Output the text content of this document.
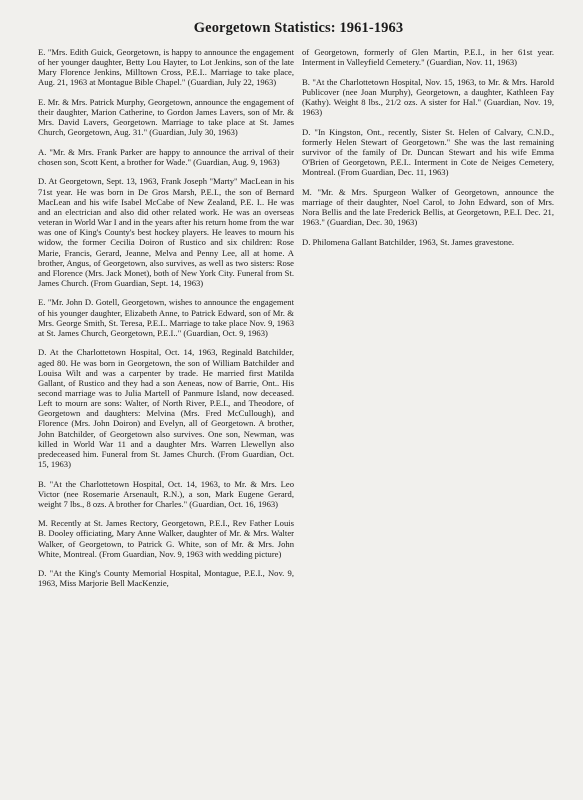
Georgetown Statistics: 1961-1963

E. "Mrs. Edith Guick, Georgetown, is happy to announce the engagement of her younger daughter, Betty Lou Hayter, to Lot Jenkins, son of the late Mary Florence Jenkins, Milltown Cross, P.E.I.. Marriage to take place, Aug. 21, 1963 at Montague Bible Chapel." (Guardian, July 22, 1963)

E. Mr. & Mrs. Patrick Murphy, Georgetown, announce the engagement of their daughter, Marion Catherine, to Gordon James Lavers, son of Mr. & Mrs. David Lavers, Georgetown. Marriage to take place at St. James Church, Georgetown, Aug. 31." (Guardian, July 30, 1963)

A. "Mr. & Mrs. Frank Parker are happy to announce the arrival of their chosen son, Scott Kent, a brother for Wade." (Guardian, Aug. 9, 1963)

D. At Georgetown, Sept. 13, 1963, Frank Joseph "Marty" MacLean in his 71st year. He was born in De Gros Marsh, P.E.I., the son of Bernard MacLean and his wife Isabel McCabe of New Zealand, P.E. I.. He was and an electrician and also did other related work. He was an overseas veteran in World War I and in the years after his return home from the war was one of King's County's best hockey players. He leaves to mourn his widow, the former Cecilia Doiron of Rustico and six children: Rose Marie, Francis, Gerard, Jeanne, Melva and Penny Lee, all at home. A brother, Angus, of Georgetown, also survives, as well as two sisters: Rose and Florence (Mrs. Jack Monet), both of New York City. Funeral from St. James Church. (From Guardian, Sept. 14, 1963)

E. "Mr. John D. Gotell, Georgetown, wishes to announce the engagement of his younger daughter, Elizabeth Anne, to Patrick Edward, son of Mr. & Mrs. George Smith, St. Teresa, P.E.I.. Marriage to take place Nov. 9, 1963 at St. James Church, Georgetown, P.E.I.." (Guardian, Oct. 9, 1963)

D. At the Charlottetown Hospital, Oct. 14, 1963, Reginald Batchilder, aged 80. He was born in Georgetown, the son of William Batchilder and Louisa Wilt and was a carpenter by trade. He married first Matilda Gallant, of Rustico and they had a son Aeneas, now of Barrie, Ont.. His second marriage was to Julia Martell of Panmure Island, now deceased. Left to mourn are sons: Walter, of North River, P.E.I., and Theodore, of Georgetown and daughters: Melvina (Mrs. Fred McCullough), and Florence (Mrs. John Doiron) and Evelyn, all of Georgetown. A brother, John Batchilder, of Georgetown also survives. One son, Newman, was killed in World War 11 and a daughter Mrs. Warren Llewellyn also predeceased him. Funeral from St. James Church. (From Guardian, Oct. 15, 1963)

B. "At the Charlottetown Hospital, Oct. 14, 1963, to Mr. & Mrs. Leo Victor (nee Rosemarie Arsenault, R.N.), a son, Mark Eugene Gerard, weight 7 lbs., 8 ozs. A brother for Charles." (Guardian, Oct. 16, 1963)

M. Recently at St. James Rectory, Georgetown, P.E.I., Rev Father Louis B. Dooley officiating, Mary Anne Walker, daughter of Mr. & Mrs. Walter Walker, of Georgetown, to Patrick G. White, son of Mr. & Mrs. John White, Montreal. (From Guardian, Nov. 9, 1963 with wedding picture)

D. "At the King's County Memorial Hospital, Montague, P.E.I., Nov. 9, 1963, Miss Marjorie Bell MacKenzie,

of Georgetown, formerly of Glen Martin, P.E.I., in her 61st year. Interment in Valleyfield Cemetery." (Guardian, Nov. 11, 1963)

B. "At the Charlottetown Hospital, Nov. 15, 1963, to Mr. & Mrs. Harold Publicover (nee Joan Murphy), Georgetown, a daughter, Kathleen Fay (Kathy). Weight 8 lbs., 21/2 ozs. A sister for Hal." (Guardian, Nov. 19, 1963)

D. "In Kingston, Ont., recently, Sister St. Helen of Calvary, C.N.D., formerly Helen Stewart of Georgetown." She was the last remaining survivor of the family of Dr. Duncan Stewart and his wife Emma O'Brien of Georgetown, P.E.I.. Interment in Cote de Neiges Cemetery, Montreal. (From Guardian, Dec. 11, 1963)

M. "Mr. & Mrs. Spurgeon Walker of Georgetown, announce the marriage of their daughter, Noel Carol, to John Edward, son of Mrs. Nora Bellis and the late Frederick Bellis, at Georgetown, P.E.I. Dec. 21, 1963." (Guardian, Dec. 30, 1963)

D. Philomena Gallant Batchilder, 1963, St. James gravestone.
